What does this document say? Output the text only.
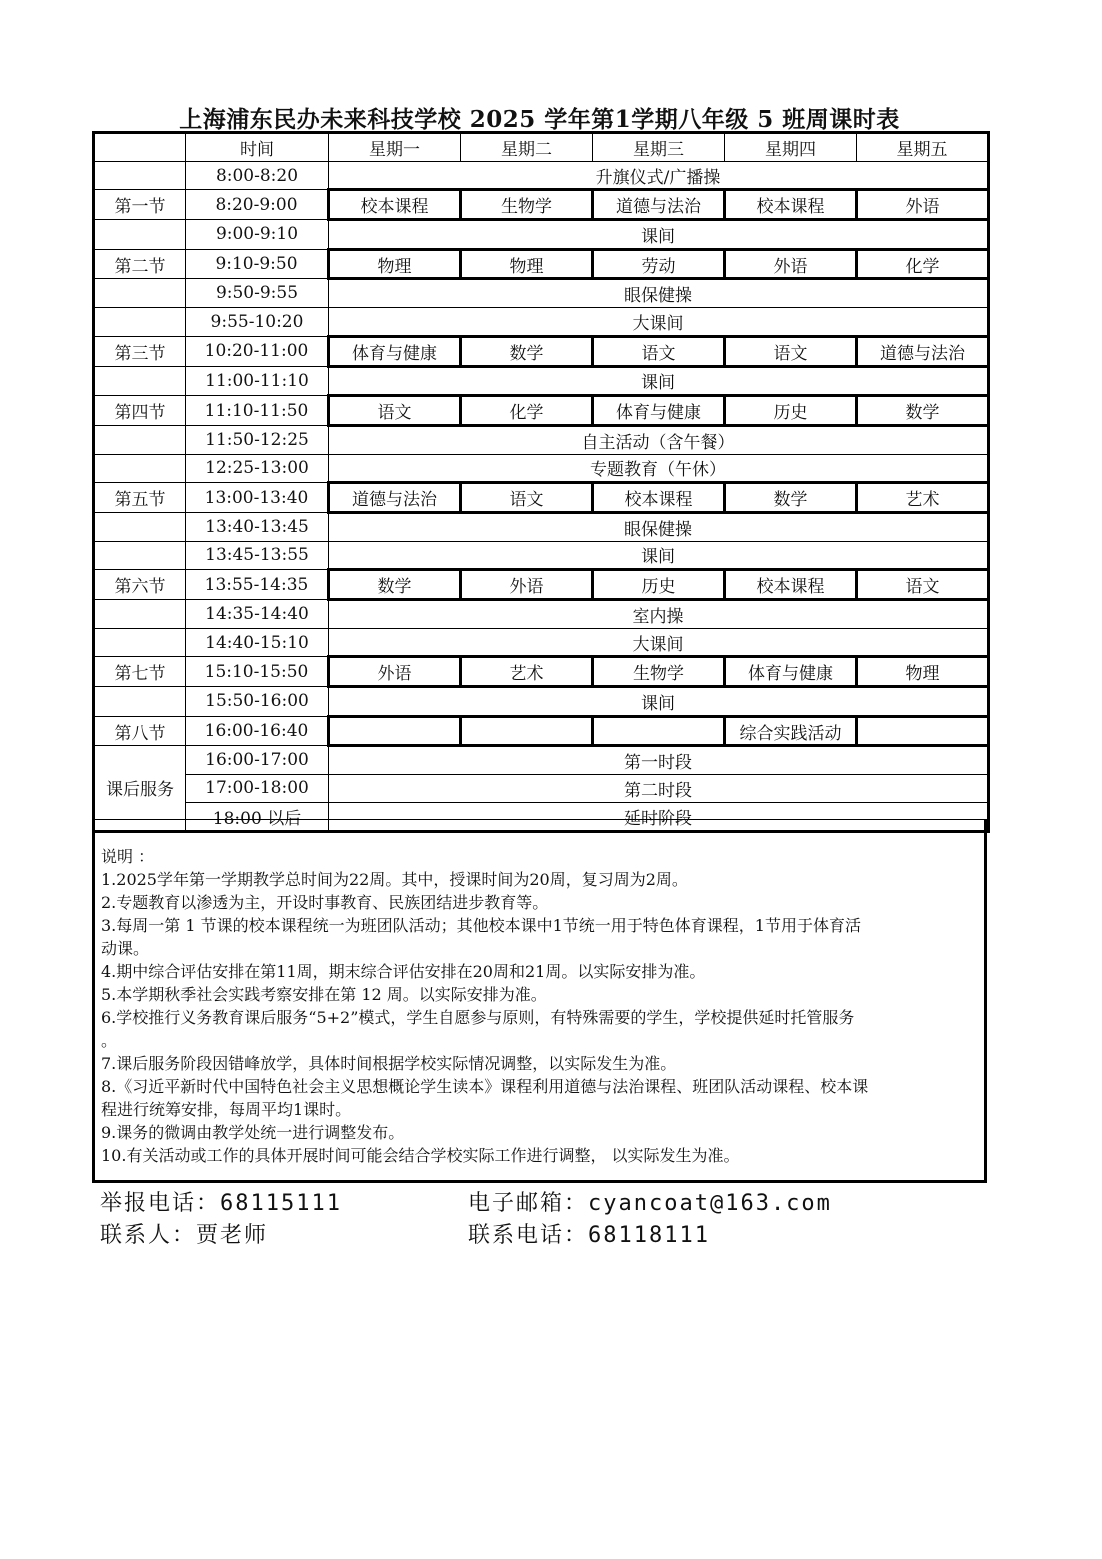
上海浦东民办未来科技学校 2025 学年第1学期八年级 5 班周课时表
	时间	星期一	星期二	星期三	星期四	星期五
	8:00-8:20	升旗仪式/广播操				
第一节	8:20-9:00	校本课程	生物学	道德与法治	校本课程	外语
	9:00-9:10	课间				
第二节	9:10-9:50	物理	物理	劳动	外语	化学
	9:50-9:55	眼保健操				
	9:55-10:20	大课间				
第三节	10:20-11:00	体育与健康	数学	语文	语文	道德与法治
	11:00-11:10	课间				
第四节	11:10-11:50	语文	化学	体育与健康	历史	数学
	11:50-12:25	自主活动（含午餐）				
	12:25-13:00	专题教育（午休）				
第五节	13:00-13:40	道德与法治	语文	校本课程	数学	艺术
	13:40-13:45	眼保健操				
	13:45-13:55	课间				
第六节	13:55-14:35	数学	外语	历史	校本课程	语文
	14:35-14:40	室内操				
	14:40-15:10	大课间				
第七节	15:10-15:50	外语	艺术	生物学	体育与健康	物理
	15:50-16:00	课间				
第八节	16:00-16:40				综合实践活动	
课后服务	16:00-17:00	第一时段				
	17:00-18:00	第二时段				
	18:00 以后	延时阶段				
说明 ：
1.2025学年第一学期教学总时间为22周。其中，授课时间为20周，复习周为2周。
2.专题教育以渗透为主，开设时事教育、民族团结进步教育等。
3.每周一第 1 节课的校本课程统一为班团队活动；其他校本课中1节统一用于特色体育课程，1节用于体育活
动课。
4.期中综合评估安排在第11周，期末综合评估安排在20周和21周。以实际安排为准。
5.本学期秋季社会实践考察安排在第 12 周。以实际安排为准。
6.学校推行义务教育课后服务“5+2”模式，学生自愿参与原则，有特殊需要的学生，学校提供延时托管服务
。
7.课后服务阶段因错峰放学，具体时间根据学校实际情况调整，以实际发生为准。
8.《习近平新时代中国特色社会主义思想概论学生读本》课程利用道德与法治课程、班团队活动课程、校本课
程进行统筹安排，每周平均1课时。
9.课务的微调由教学处统一进行调整发布。
10.有关活动或工作的具体开展时间可能会结合学校实际工作进行调整， 以实际发生为准。
举报电话：68115111	电子邮箱：cyancoat@163.com
联系人：贾老师	联系电话：68118111
